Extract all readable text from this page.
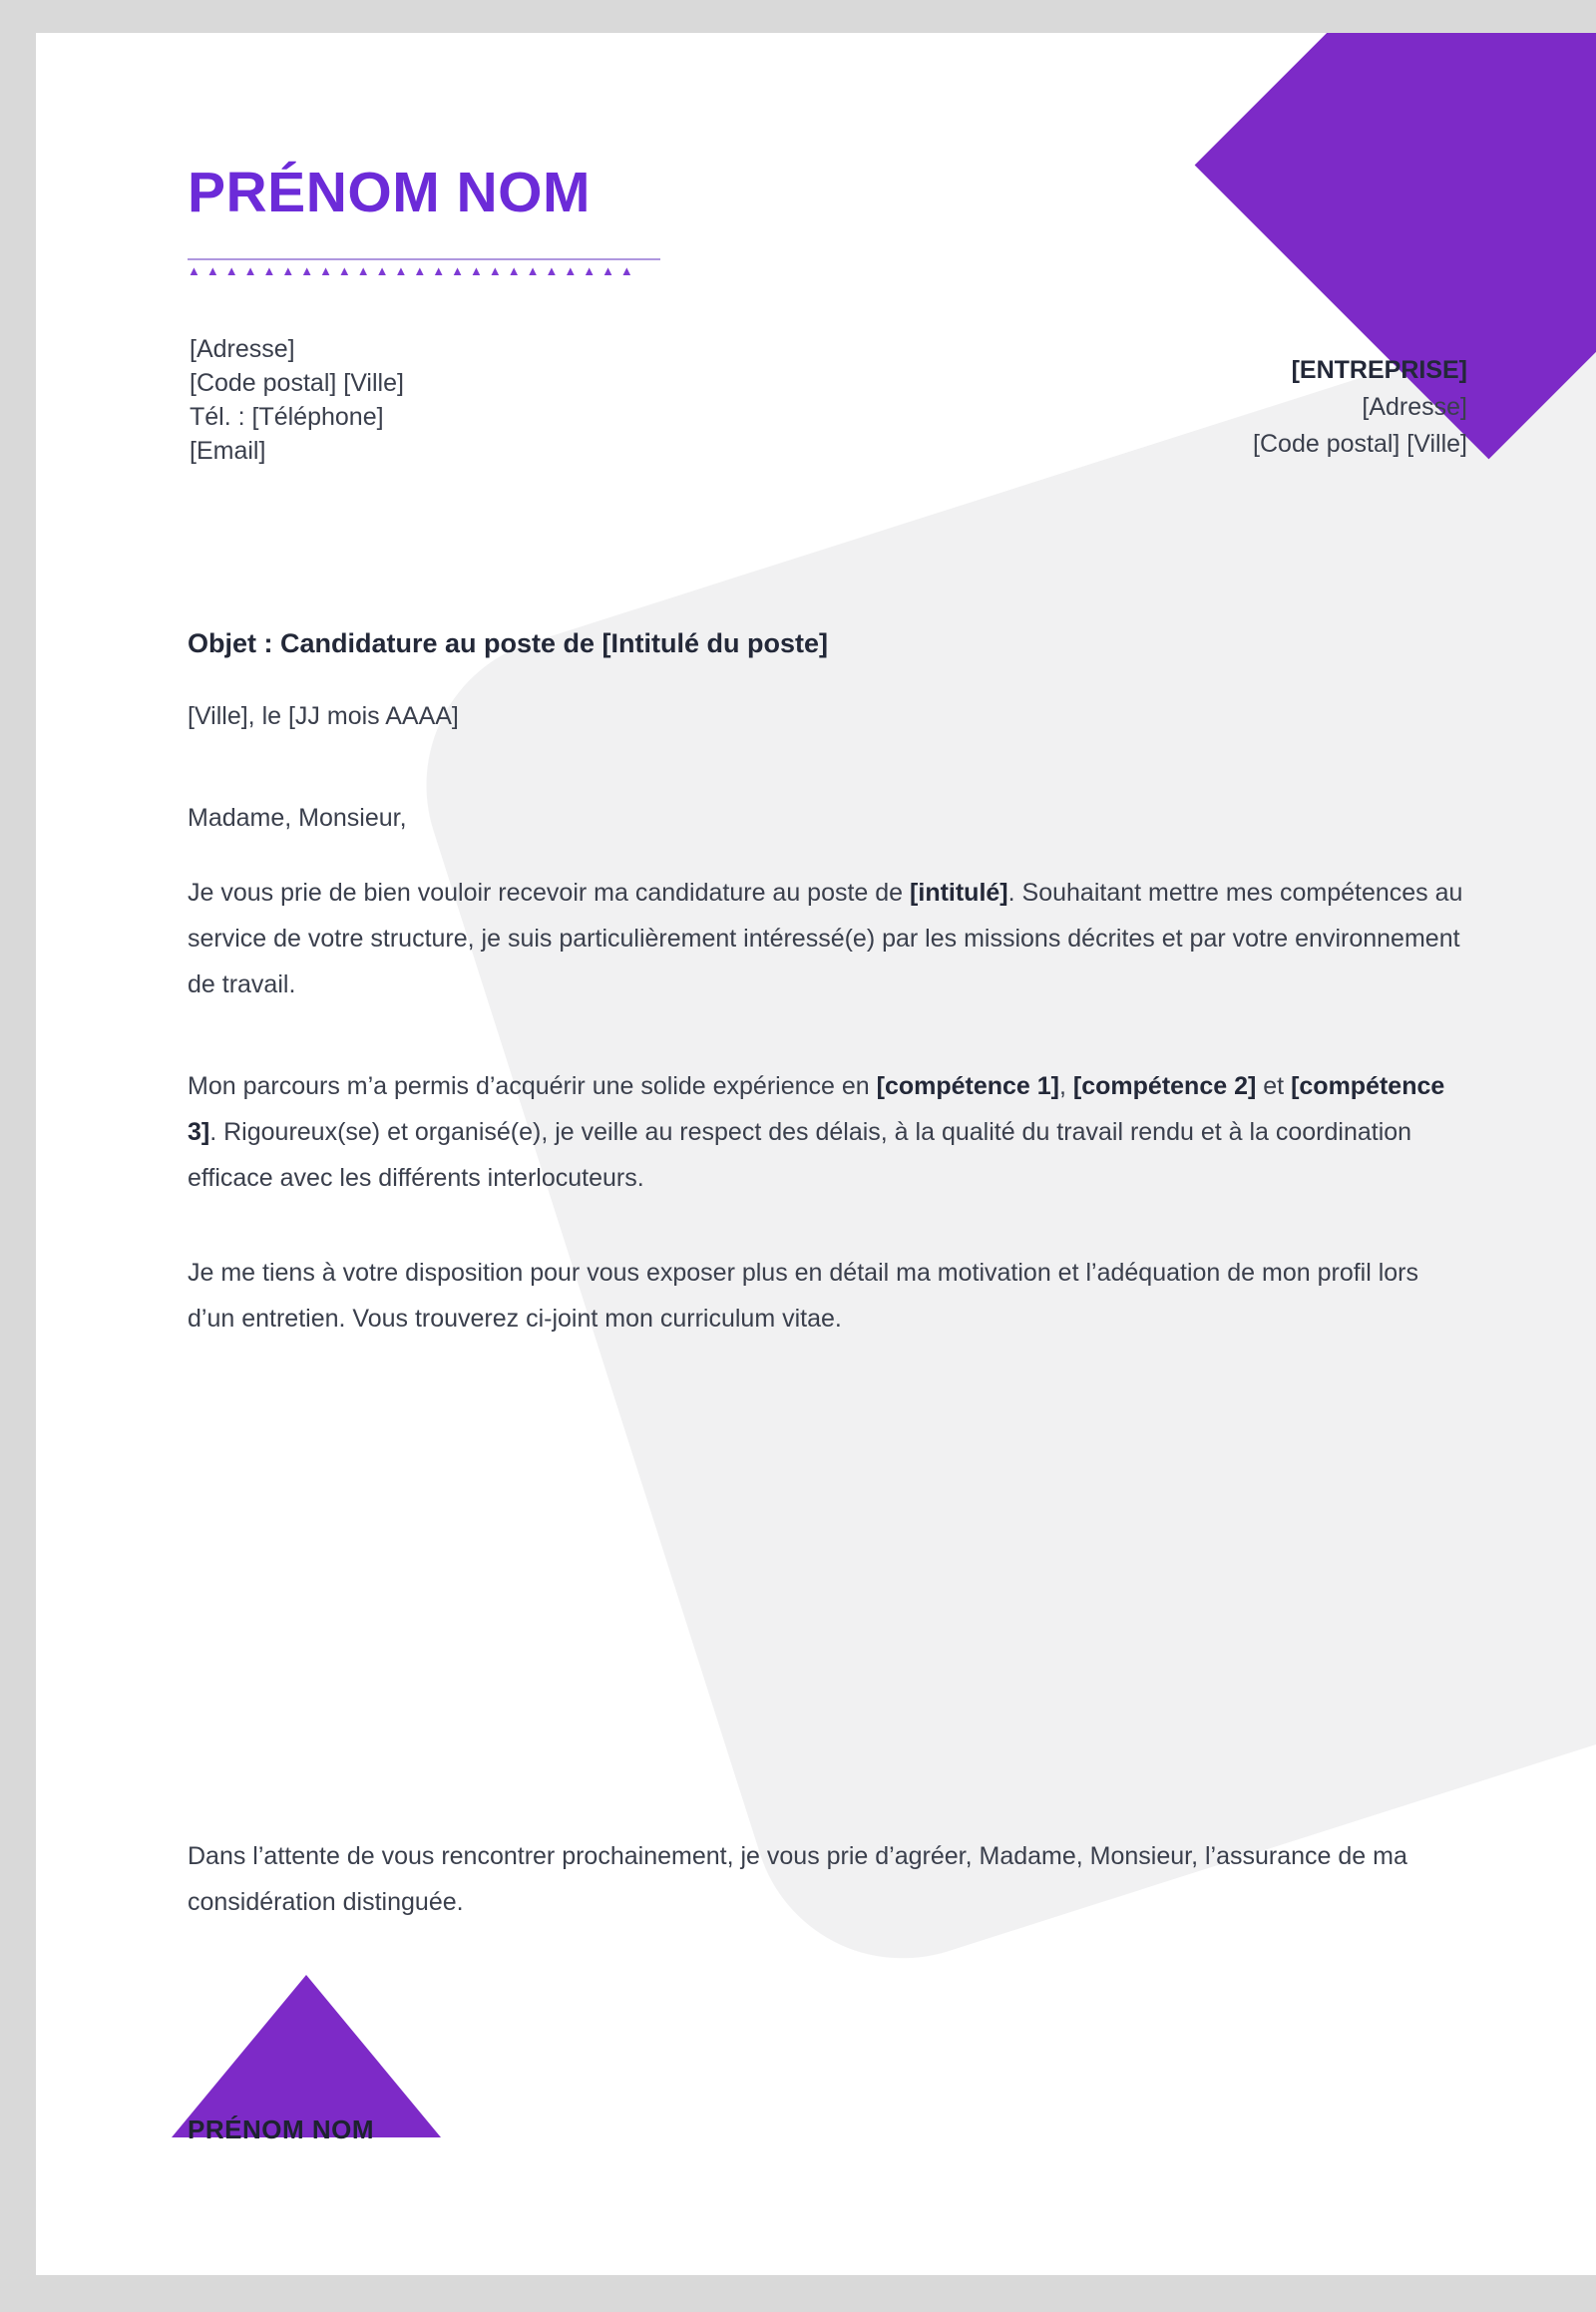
PRÉNOM NOM
▲▲▲▲▲▲▲▲▲▲▲▲▲▲▲▲▲▲▲▲▲▲▲▲
[Adresse]
[Code postal] [Ville]
Tél. : [Téléphone]
[Email]
[ENTREPRISE]
[Adresse]
[Code postal] [Ville]
Objet : Candidature au poste de [Intitulé du poste]
[Ville], le [JJ mois AAAA]
Madame, Monsieur,
Je vous prie de bien vouloir recevoir ma candidature au poste de [intitulé]. Souhaitant mettre mes compétences au service de votre structure, je suis particulièrement intéressé(e) par les missions décrites et par votre environnement de travail.
Mon parcours m’a permis d’acquérir une solide expérience en [compétence 1], [compétence 2] et [compétence 3]. Rigoureux(se) et organisé(e), je veille au respect des délais, à la qualité du travail rendu et à la coordination efficace avec les différents interlocuteurs.
Je me tiens à votre disposition pour vous exposer plus en détail ma motivation et l’adéquation de mon profil lors d’un entretien. Vous trouverez ci-joint mon curriculum vitae.
Dans l’attente de vous rencontrer prochainement, je vous prie d’agréer, Madame, Monsieur, l’assurance de ma considération distinguée.
PRÉNOM NOM
